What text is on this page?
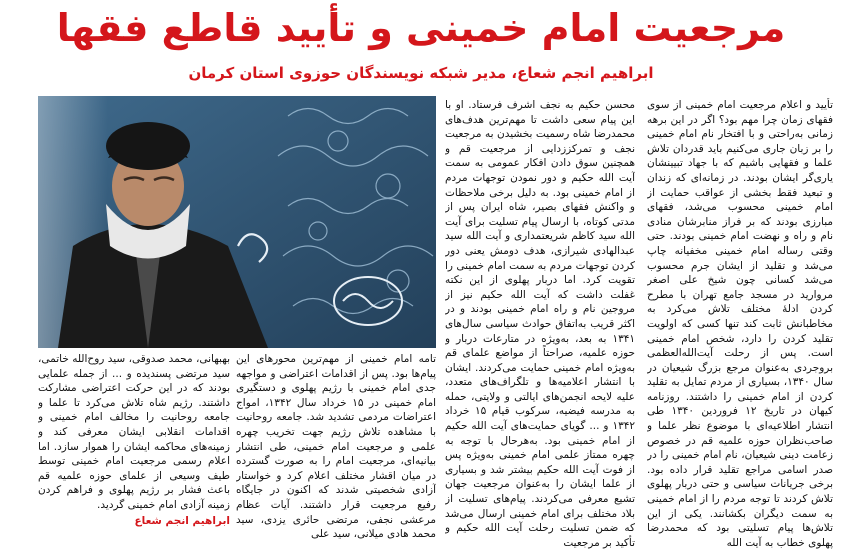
مرجعیت امام خمینی و تأیید قاطع فقها
ابراهیم انجم شعاع، مدیر شبکه نویسندگان حوزوی استان کرمان

تأیید و اعلام مرجعیت امام خمینی از سوی فقهای زمان چرا مهم بود؟ اگر در این برهه زمانی به‌راحتی و با افتخار نام امام خمینی را بر زبان جاری می‌کنیم باید قدردان تلاش علما و فقهایی باشیم که با جهاد تبیینشان یاری‌گر ایشان بودند. در زمانه‌ای که زندان و تبعید فقط بخشی از عواقب حمایت از امام خمینی محسوب می‌شد، فقهای مبارزی بودند که بر فراز منابرشان منادی نام و راه و نهضت امام خمینی بودند. حتی وقتی رساله امام خمینی مخفیانه چاپ می‌شد و تقلید از ایشان جرم محسوب می‌شد کسانی چون شیخ علی اصغر مروارید در مسجد جامع تهران با مطرح کردن ادلهٔ مختلف تلاش می‌کرد به مخاطبانش ثابت کند تنها کسی که اولویت تقلید کردن را دارد، شخص امام خمینی است. پس از رحلت آیت‌الله‌العظمی بروجردی به‌عنوان مرجع بزرگ شیعیان در سال ۱۳۴۰، بسیاری از مردم تمایل به تقلید کردن از امام خمینی را داشتند. روزنامه کیهان در تاریخ ۱۲ فروردین ۱۳۴۰ طی انتشار اطلاعیه‌ای با موضوع نظر علما و صاحب‌نظران حوزه علمیه قم در خصوص زعامت دینی شیعیان، نام امام خمینی را در صدر اسامی مراجع تقلید قرار داده بود. برخی جریانات سیاسی و حتی دربار پهلوی تلاش کردند تا توجه مردم را از امام خمینی به سمت دیگران بکشانند. یکی از این تلاش‌ها پیام تسلیتی بود که محمدرضا پهلوی خطاب به آیت الله

محسن حکیم به نجف اشرف فرستاد. او با این پیام سعی داشت تا مهم‌ترین هدف‌های محمدرضا شاه رسمیت بخشیدن به مرجعیت نجف و تمرکززدایی از مرجعیت قم و همچنین سوق دادن افکار عمومی به سمت آیت الله حکیم و دور نمودن توجهات مردم از امام خمینی بود. به دلیل برخی ملاحظات و واکنش فقهای بصیر، شاه ایران پس از مدتی کوتاه، با ارسال پیام تسلیت برای آیت الله سید کاظم شریعتمداری و آیت الله سید عبدالهادی شیرازی، هدف دومش یعنی دور کردن توجهات مردم به سمت امام خمینی را تقویت کرد. اما دربار پهلوی از این نکته غفلت داشت که آیت الله حکیم نیز از مروجین نام و راه امام خمینی بودند و در اکثر قریب به‌اتفاق حوادث سیاسی سال‌های ۱۳۴۱ به بعد، به‌ویژه در متارعات دربار و حوزه علمیه، صراحتاً از مواضع علمای قم به‌ویژه امام خمینی حمایت می‌کردند. ایشان با انتشار اعلامیه‌ها و تلگراف‌های متعدد، علیه لایحه انجمن‌های ایالتی و ولایتی، حمله به مدرسه فیضیه، سرکوب قیام ۱۵ خرداد ۱۳۴۲ و ... گویای حمایت‌های آیت الله حکیم از امام خمینی بود. به‌هرحال با توجه به چهره ممتاز علمی امام خمینی به‌ویژه پس از فوت آیت الله حکیم بیشتر شد و بسیاری از علما ایشان را به‌عنوان مرجعیت جهان تشیع معرفی می‌کردند. پیام‌های تسلیت از بلاد مختلف برای امام خمینی ارسال می‌شد که ضمن تسلیت رحلت آیت الله حکیم و تأکید بر مرجعیت

تامه امام خمینی از مهم‌ترین محورهای این پیام‌ها بود. پس از اقدامات اعتراضی و مواجهه جدی امام خمینی با رژیم پهلوی و دستگیری امام خمینی در ۱۵ خرداد سال ۱۳۴۲، امواج اعتراضات مردمی تشدید شد. جامعه روحانیت با مشاهده تلاش رژیم جهت تخریب چهره علمی و مرجعیت امام خمینی، طی انتشار بیانیه‌ای، مرجعیت امام را به صورت گسترده در میان اقشار مختلف اعلام کرد و خواستار آزادی شخصیتی شدند که اکنون در جایگاه رفیع مرجعیت قرار داشتند. آیات عظام مرعشی نجفی، مرتضی حائری یزدی، سید محمد هادی میلانی، سید علی

بهبهانی، محمد صدوقی، سید روح‌الله خاتمی، سید مرتضی پسندیده و ... از جمله علمایی بودند که در این حرکت اعتراضی مشارکت داشتند. رژیم شاه تلاش می‌کرد تا علما و جامعه روحانیت را مخالف امام خمینی و اقدامات انقلابی ایشان معرفی کند و زمینه‌های محاکمه ایشان را هموار سازد. اما اعلام رسمی مرجعیت امام خمینی توسط طیف وسیعی از علمای حوزه علمیه قم باعث فشار بر رژیم پهلوی و فراهم کردن زمینه آزادی امام خمینی گردید.

ابراهیم انجم شعاع
